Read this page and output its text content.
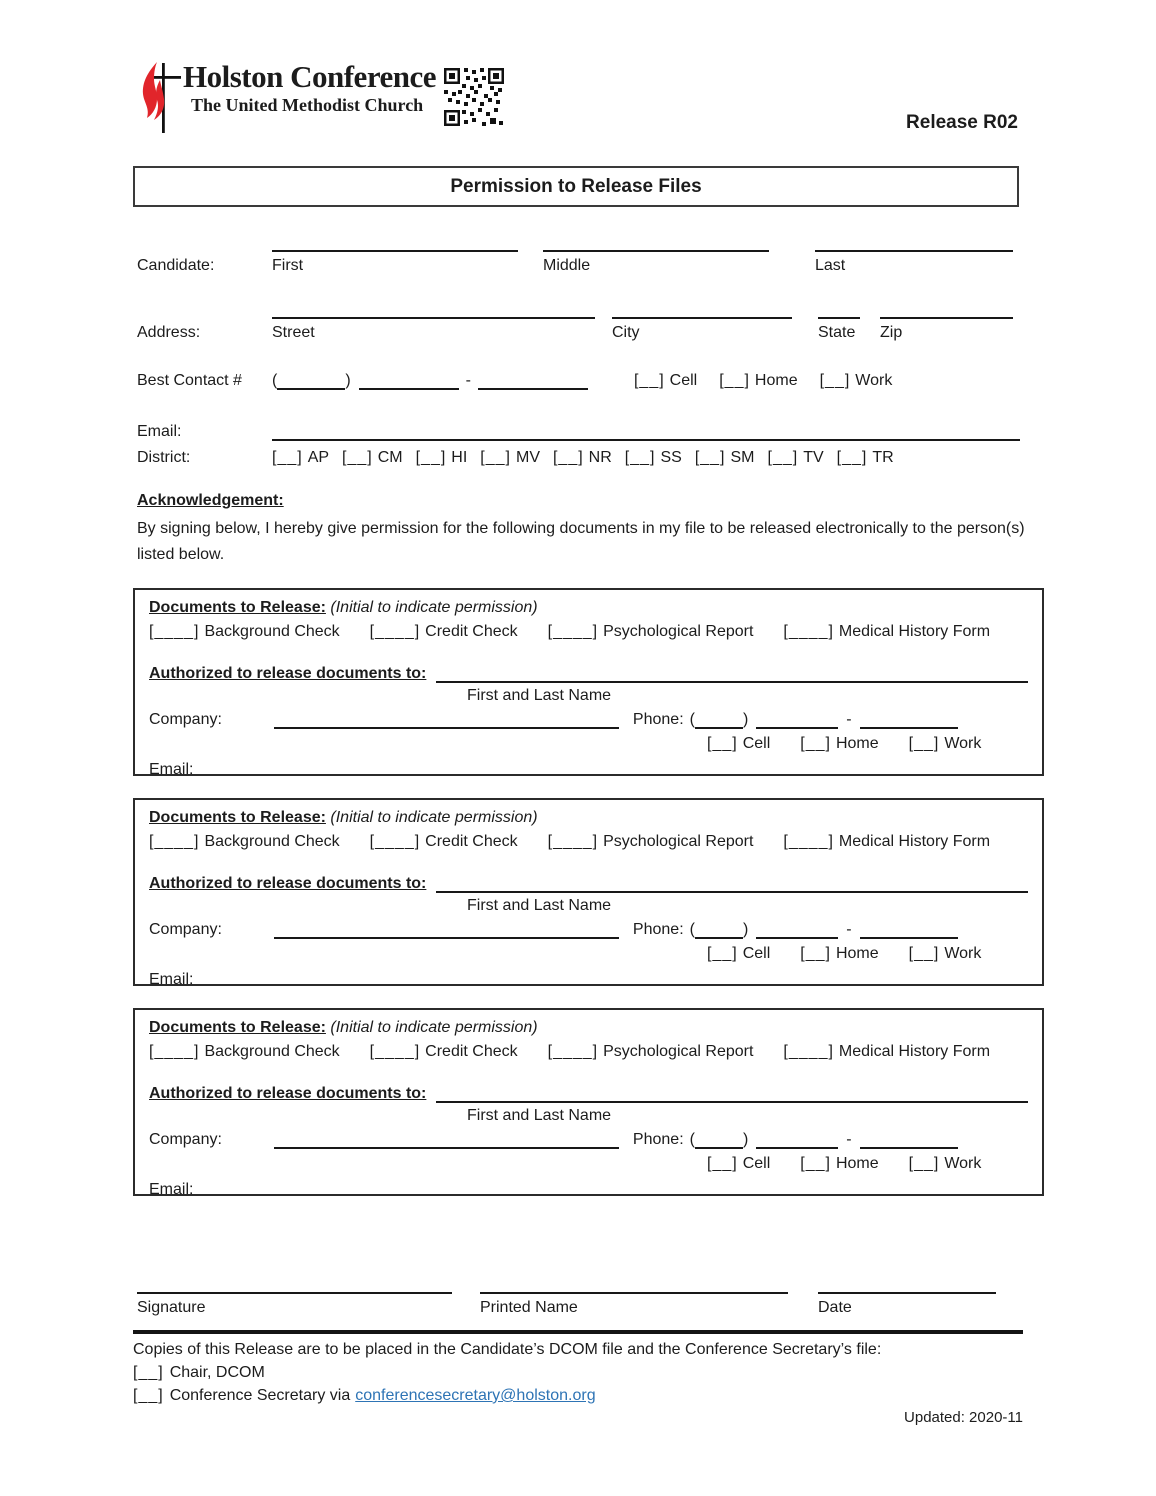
Holston Conference
The United Methodist Church
Release R02
Permission to Release Files
Candidate:	First	Middle	Last
Address:	Street	City	State Zip
Best Contact #	(	)	-	[__] Cell [__] Home [__] Work
Email:
District:	[__] AP [__] CM [__] HI [__] MV [__] NR [__] SS [__] SM [__] TV [__] TR
Acknowledgement:

By signing below, I hereby give permission for the following documents in my file to be released electronically to the person(s) listed below.

Documents to Release: (Initial to indicate permission)
[____] Background Check [____] Credit Check [____] Psychological Report [____] Medical History Form
Authorized to release documents to:
First and Last Name
Company:	Phone: (	)	-
[__] Cell [__] Home [__] Work
Email:
Documents to Release: (Initial to indicate permission)
[____] Background Check [____] Credit Check [____] Psychological Report [____] Medical History Form
Authorized to release documents to:
First and Last Name
Company:	Phone: (	)	-
[__] Cell [__] Home [__] Work
Email:
Documents to Release: (Initial to indicate permission)
[____] Background Check [____] Credit Check [____] Psychological Report [____] Medical History Form
Authorized to release documents to:
First and Last Name
Company:	Phone: (	)	-
[__] Cell [__] Home [__] Work
Email:
Signature	Printed Name	Date
Copies of this Release are to be placed in the Candidate’s DCOM file and the Conference Secretary’s file:
[__] Chair, DCOM
[__] Conference Secretary via conferencesecretary@holston.org
Updated: 2020-11
